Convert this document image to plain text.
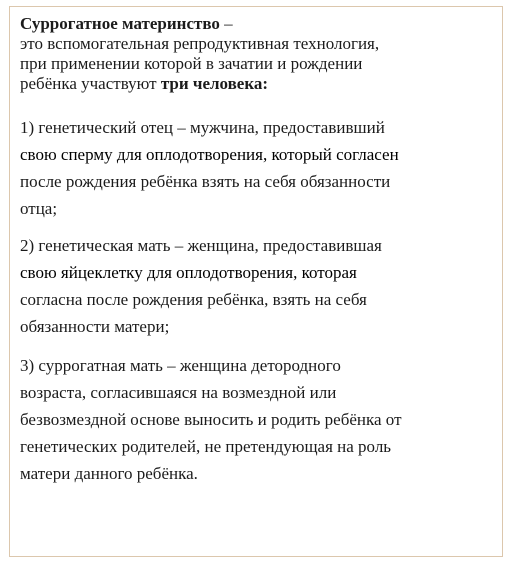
Суррогатное материнство –
это вспомогательная репродуктивная технология,
при применении которой в зачатии и рождении
ребёнка участвуют три человека:

1) генетический отец – мужчина, предоставивший
свою сперму для оплодотворения, который согласен
после рождения ребёнка взять на себя обязанности
отца;

2) генетическая мать – женщина, предоставившая
свою яйцеклетку для оплодотворения, которая
согласна после рождения ребёнка, взять на себя
обязанности матери;

3) суррогатная мать – женщина детородного
возраста, согласившаяся на возмездной или
безвозмездной основе выносить и родить ребёнка от
генетических родителей, не претендующая на роль
матери данного ребёнка.
